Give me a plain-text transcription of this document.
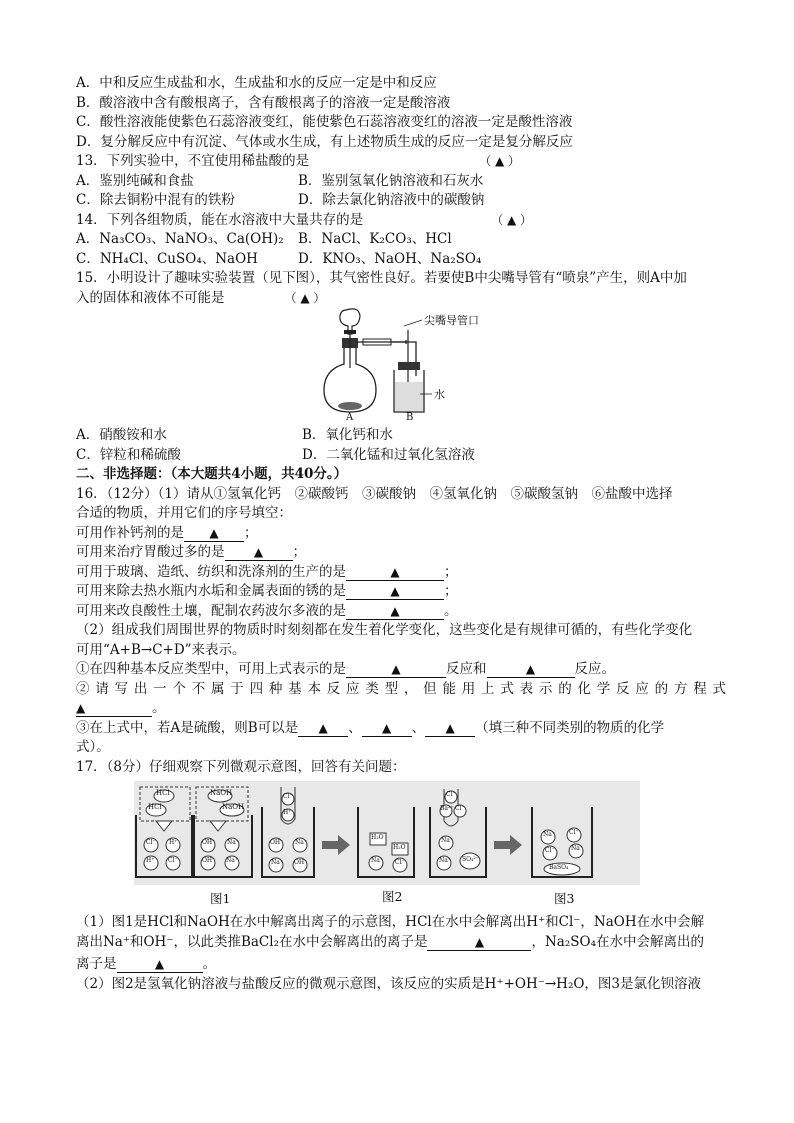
A．中和反应生成盐和水，生成盐和水的反应一定是中和反应
B．酸溶液中含有酸根离子，含有酸根离子的溶液一定是酸溶液
C．酸性溶液能使紫色石蕊溶液变红，能使紫色石蕊溶液变红的溶液一定是酸性溶液
D．复分解反应中有沉淀、气体或水生成，有上述物质生成的反应一定是复分解反应
13．下列实验中，不宜使用稀盐酸的是	（ ▲ ）
A．鉴别纯碱和食盐	B．鉴别氢氧化钠溶液和石灰水
C．除去铜粉中混有的铁粉	D．除去氯化钠溶液中的碳酸钠
14．下列各组物质，能在水溶液中大量共存的是	（ ▲ ）
A．Na₃CO₃、NaNO₃、Ca(OH)₂	B．NaCl、K₂CO₃、HCl
C．NH₄Cl、CuSO₄、NaOH	D．KNO₃、NaOH、Na₂SO₄
15．小明设计了趣味实验装置（见下图），其气密性良好。若要使B中尖嘴导管有“喷泉”产生，则A中加
入的固体和液体不可能是	（ ▲ ）
尖嘴导管口
水
A	B
A．硝酸铵和水	B．氧化钙和水
C．锌粒和稀硫酸	D．二氧化锰和过氧化氢溶液
二、非选择题：（本大题共4小题，共40分。）
16．（12分）（1）请从①氢氧化钙　②碳酸钙　③碳酸钠　④氢氧化钠　⑤碳酸氢钠　⑥盐酸中选择
合适的物质，并用它们的序号填空：
可用作补钙剂的是 ▲ ；
可用来治疗胃酸过多的是 ▲ ；
可用于玻璃、造纸、纺织和洗涤剂的生产的是	▲	；
可用来除去热水瓶内水垢和金属表面的锈的是	▲	；
可用来改良酸性土壤，配制农药波尔多液的是	▲	。
（2）组成我们周围世界的物质时时刻刻都在发生着化学变化，这些变化是有规律可循的，有些化学变化
可用“A+B→C+D”来表示。
①在四种基本反应类型中，可用上式表示的是	▲	反应和	▲	反应。
②请写出一个不属于四种基本反应类型，但能用上式表示的化学反应的方程式
▲	。
③在上式中，若A是硫酸，则B可以是 ▲ 、 ▲ 、 ▲ （填三种不同类别的物质的化学
式）。
17．（8分）仔细观察下列微观示意图，回答有关问题：
HCl
HCl
Cl⁻ H⁺
H⁺ Cl⁻
NaOH
NaOH
OH⁻ Na⁺
OH⁻ Na⁺
Cl⁻
H⁺
OH⁻ Na⁺
Na⁺ OH⁻
H₂O
H₂O
Na⁺ Cl⁻
Cl⁻
Ba²⁺ Cl⁻
Na⁺
Na⁺ SO₄²⁻
Na⁺ Cl⁻
Cl⁻	Na⁺
BaSO₄
图1	图2	图3
（1）图1是HCl和NaOH在水中解离出离子的示意图，HCl在水中会解离出H⁺和Cl⁻，NaOH在水中会解
离出Na⁺和OH⁻，以此类推BaCl₂在水中会解离出的离子是	▲	，Na₂SO₄在水中会解离出的
离子是	▲	。
（2）图2是氢氧化钠溶液与盐酸反应的微观示意图，该反应的实质是H⁺+OH⁻→H₂O，图3是氯化钡溶液
